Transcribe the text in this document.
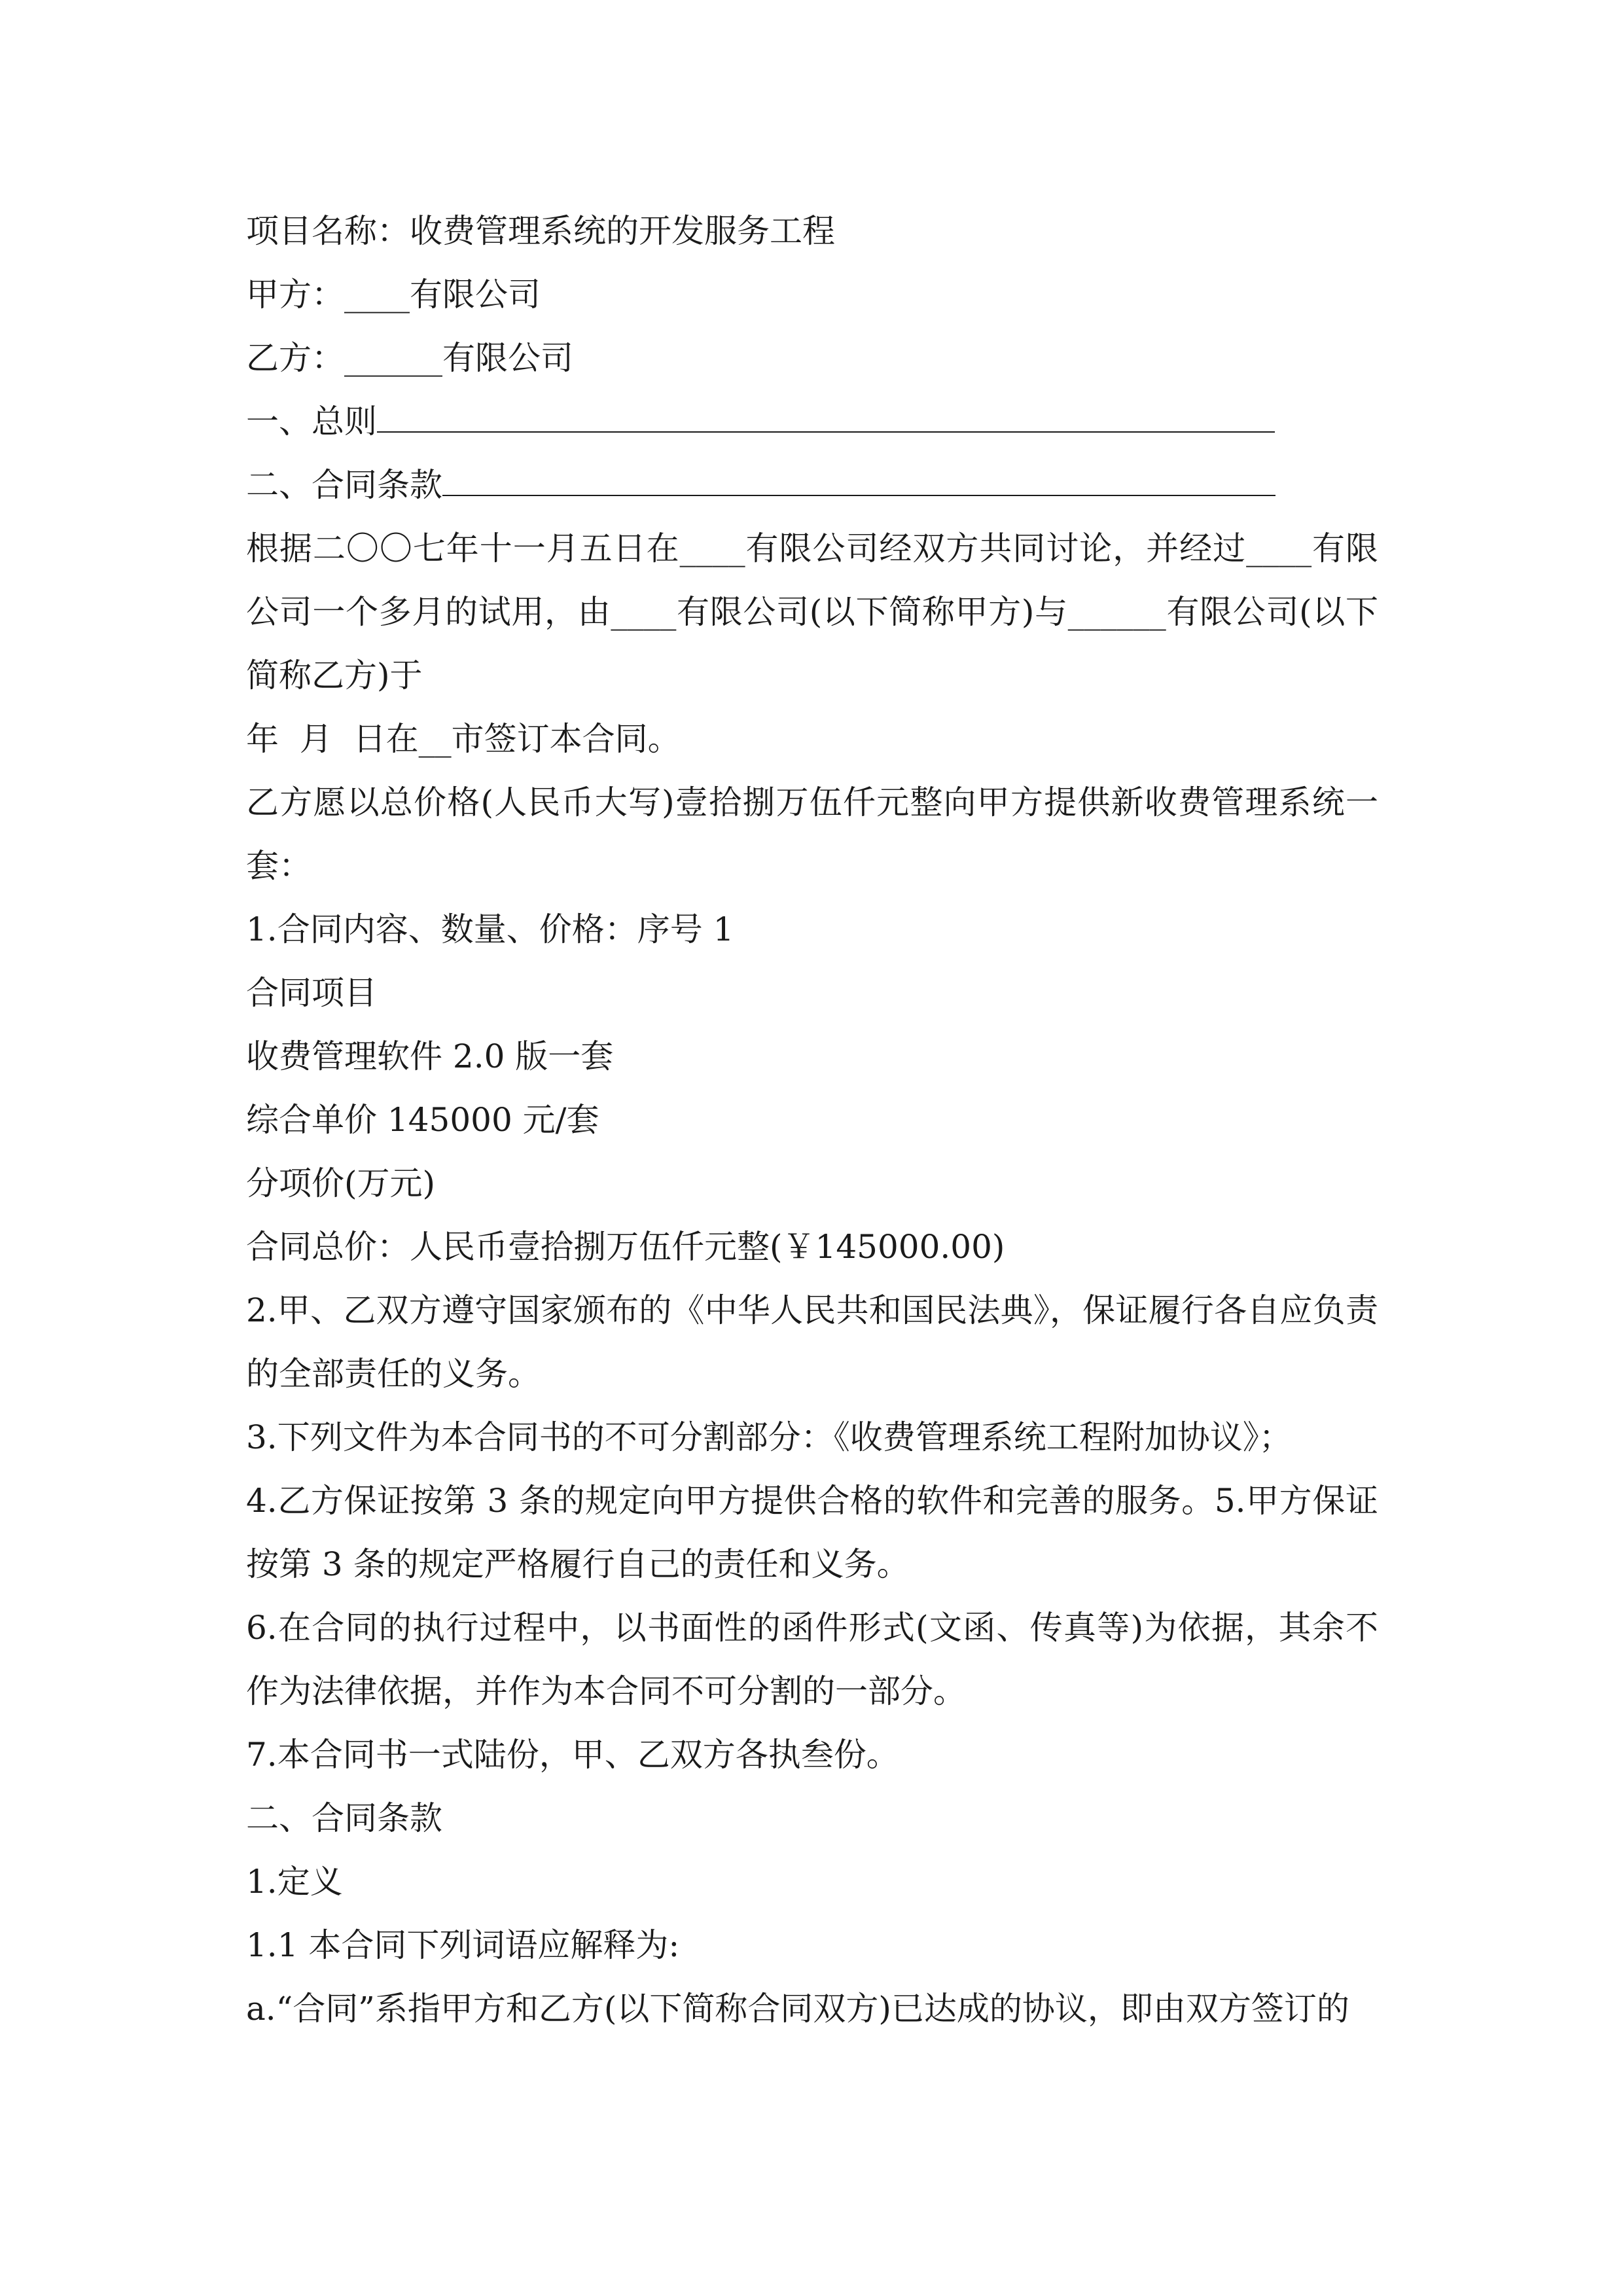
项目名称：收费管理系统的开发服务工程
甲方：____有限公司
乙方：______有限公司
一、总则
二、合同条款
根据二〇〇七年十一月五日在____有限公司经双方共同讨论，并经过____有限公司一个多月的试用，由____有限公司(以下简称甲方)与______有限公司(以下简称乙方)于
年  月  日在__市签订本合同。
乙方愿以总价格(人民币大写)壹拾捌万伍仟元整向甲方提供新收费管理系统一套：
1.合同内容、数量、价格：序号 1
合同项目
收费管理软件 2.0 版一套
综合单价 145000 元/套
分项价(万元)
合同总价：人民币壹拾捌万伍仟元整(￥145000.00)
2.甲、乙双方遵守国家颁布的《中华人民共和国民法典》，保证履行各自应负责的全部责任的义务。
3.下列文件为本合同书的不可分割部分：《收费管理系统工程附加协议》；
4.乙方保证按第 3 条的规定向甲方提供合格的软件和完善的服务。5.甲方保证按第 3 条的规定严格履行自己的责任和义务。
6.在合同的执行过程中，以书面性的函件形式(文函、传真等)为依据，其余不作为法律依据，并作为本合同不可分割的一部分。
7.本合同书一式陆份，甲、乙双方各执叁份。
二、合同条款
1.定义
1.1 本合同下列词语应解释为:
a.“合同”系指甲方和乙方(以下简称合同双方)已达成的协议，即由双方签订的
